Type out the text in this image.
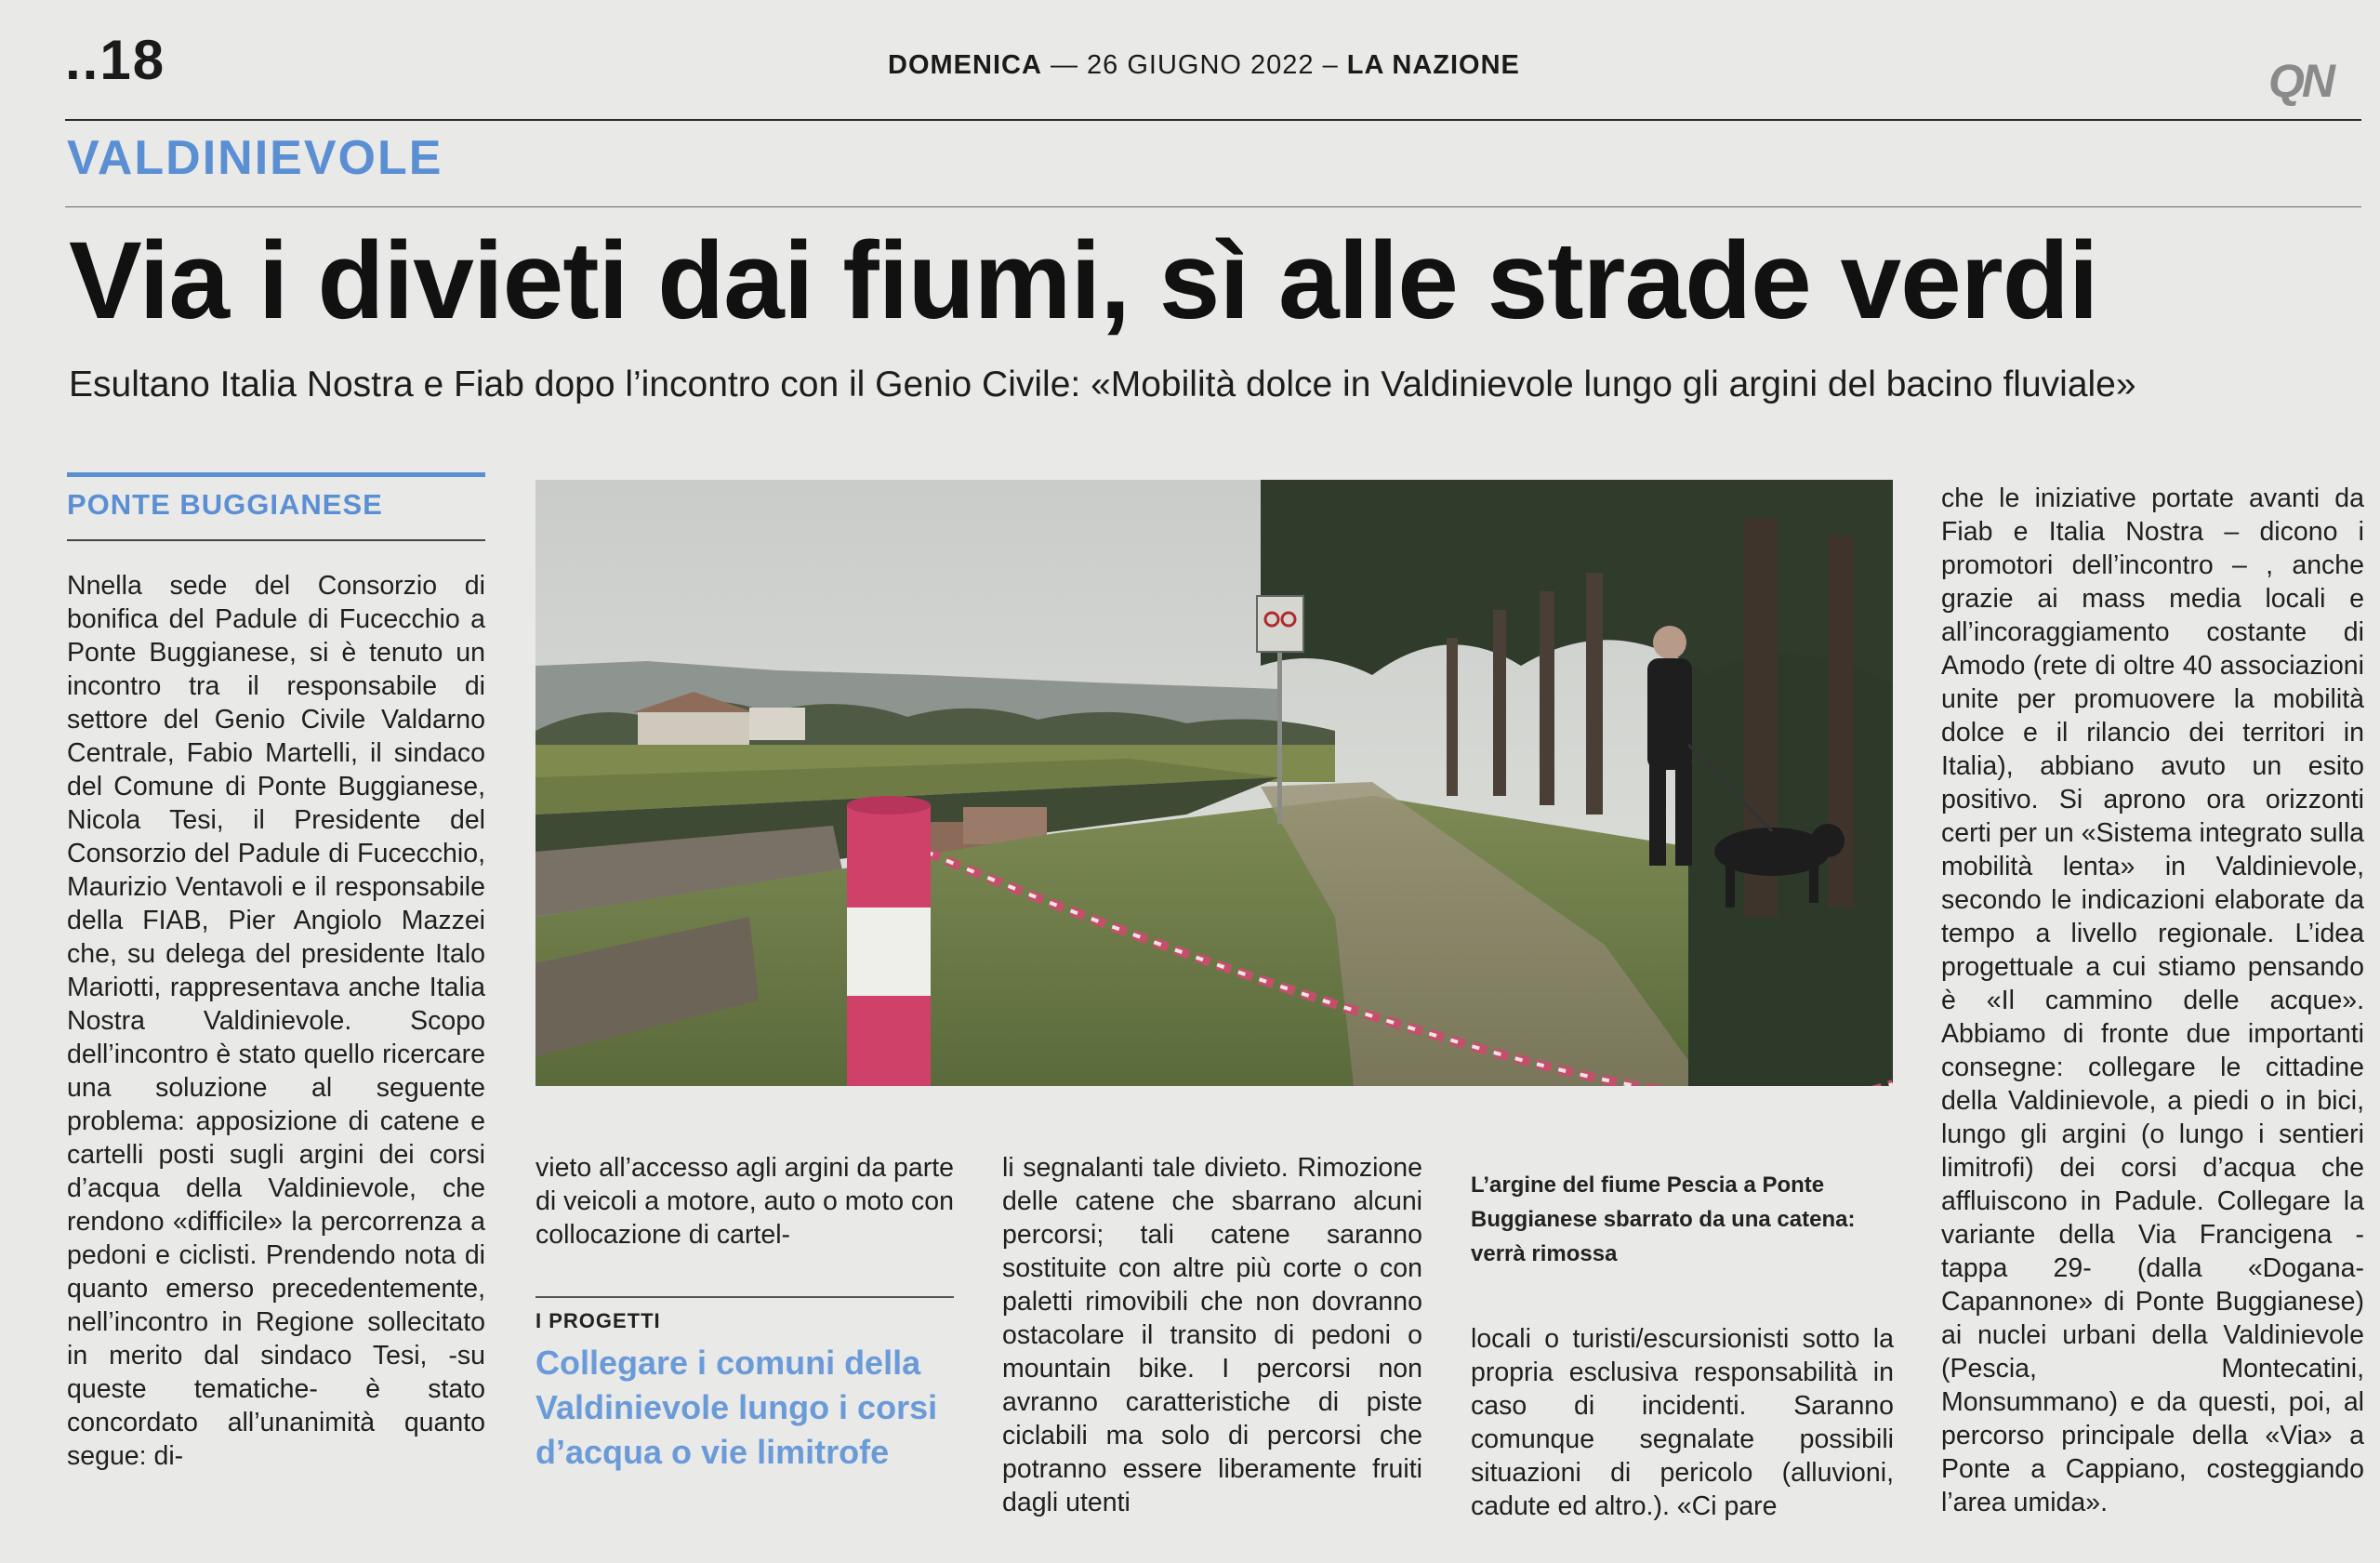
..18	DOMENICA — 26 GIUGNO 2022 – LA NAZIONE	QN
VALDINIEVOLE
Via i divieti dai fiumi, sì alle strade verdi
Esultano Italia Nostra e Fiab dopo l’incontro con il Genio Civile: «Mobilità dolce in Valdinievole lungo gli argini del bacino fluviale»
PONTE BUGGIANESE

Nnella sede del Consorzio di bonifica del Padule di Fucecchio a Ponte Buggianese, si è tenuto un incontro tra il responsabile di settore del Genio Civile Valdarno Centrale, Fabio Martelli, il sindaco del Comune di Ponte Buggianese, Nicola Tesi, il Presidente del Consorzio del Padule di Fucecchio, Maurizio Ventavoli e il responsabile della FIAB, Pier Angiolo Mazzei che, su delega del presidente Italo Mariotti, rappresentava anche Italia Nostra Valdinievole. Scopo dell’incontro è stato quello ricercare una soluzione al seguente problema: apposizione di catene e cartelli posti sugli argini dei corsi d’acqua della Valdinievole, che rendono «difficile» la percorrenza a pedoni e ciclisti. Prendendo nota di quanto emerso precedentemente, nell’incontro in Regione sollecitato in merito dal sindaco Tesi, -su queste tematiche- è stato concordato all’unanimità quanto segue: di-

vieto all’accesso agli argini da parte di veicoli a motore, auto o moto con collocazione di cartel-

li segnalanti tale divieto. Rimozione delle catene che sbarrano alcuni percorsi; tali catene saranno sostituite con altre più corte o con paletti rimovibili che non dovranno ostacolare il transito di pedoni o mountain bike. I percorsi non avranno caratteristiche di piste ciclabili ma solo di percorsi che potranno essere liberamente fruiti dagli utenti

locali o turisti/escursionisti sotto la propria esclusiva responsabilità in caso di incidenti. Saranno comunque segnalate possibili situazioni di pericolo (alluvioni, cadute ed altro.). «Ci pare

che le iniziative portate avanti da Fiab e Italia Nostra – dicono i promotori dell’incontro – , anche grazie ai mass media locali e all’incoraggiamento costante di Amodo (rete di oltre 40 associazioni unite per promuovere la mobilità dolce e il rilancio dei territori in Italia), abbiano avuto un esito positivo. Si aprono ora orizzonti certi per un «Sistema integrato sulla mobilità lenta» in Valdinievole, secondo le indicazioni elaborate da tempo a livello regionale. L’idea progettuale a cui stiamo pensando è «Il cammino delle acque». Abbiamo di fronte due importanti consegne: collegare le cittadine della Valdinievole, a piedi o in bici, lungo gli argini (o lungo i sentieri limitrofi) dei corsi d’acqua che affluiscono in Padule. Collegare la variante della Via Francigena -tappa 29- (dalla «Dogana-Capannone» di Ponte Buggianese) ai nuclei urbani della Valdinievole (Pescia, Montecatini, Monsummano) e da questi, poi, al percorso principale della «Via» a Ponte a Cappiano, costeggiando l’area umida».

L’argine del fiume Pescia a Ponte Buggianese sbarrato da una catena: verrà rimossa
I PROGETTI
Collegare i comuni della Valdinievole lungo i corsi d’acqua o vie limitrofe
